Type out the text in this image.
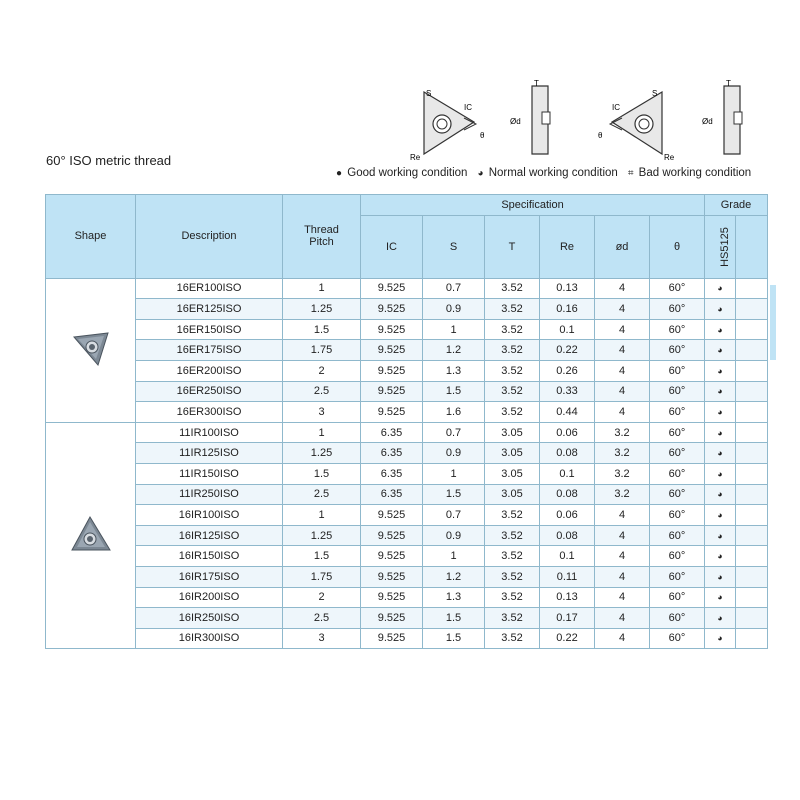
60° ISO metric thread
● Good working condition ◕ Normal working condition ⌗ Bad working condition
S
IC
θ
Re
T
Ød
S
IC
θ
Re
T
Ød
Shape	Description	Thread
Pitch	Specification						Grade	
									HS5125	
			IC	S	T	Re	ød	θ		
	16ER100ISO	1	9.525	0.7	3.52	0.13	4	60°	◕	
	16ER125ISO	1.25	9.525	0.9	3.52	0.16	4	60°	◕	
	16ER150ISO	1.5	9.525	1	3.52	0.1	4	60°	◕	
	16ER175ISO	1.75	9.525	1.2	3.52	0.22	4	60°	◕	
	16ER200ISO	2	9.525	1.3	3.52	0.26	4	60°	◕	
	16ER250ISO	2.5	9.525	1.5	3.52	0.33	4	60°	◕	
	16ER300ISO	3	9.525	1.6	3.52	0.44	4	60°	◕	
	11IR100ISO	1	6.35	0.7	3.05	0.06	3.2	60°	◕	
	11IR125ISO	1.25	6.35	0.9	3.05	0.08	3.2	60°	◕	
	11IR150ISO	1.5	6.35	1	3.05	0.1	3.2	60°	◕	
	11IR250ISO	2.5	6.35	1.5	3.05	0.08	3.2	60°	◕	
	16IR100ISO	1	9.525	0.7	3.52	0.06	4	60°	◕	
	16IR125ISO	1.25	9.525	0.9	3.52	0.08	4	60°	◕	
	16IR150ISO	1.5	9.525	1	3.52	0.1	4	60°	◕	
	16IR175ISO	1.75	9.525	1.2	3.52	0.11	4	60°	◕	
	16IR200ISO	2	9.525	1.3	3.52	0.13	4	60°	◕	
	16IR250ISO	2.5	9.525	1.5	3.52	0.17	4	60°	◕	
	16IR300ISO	3	9.525	1.5	3.52	0.22	4	60°	◕	
